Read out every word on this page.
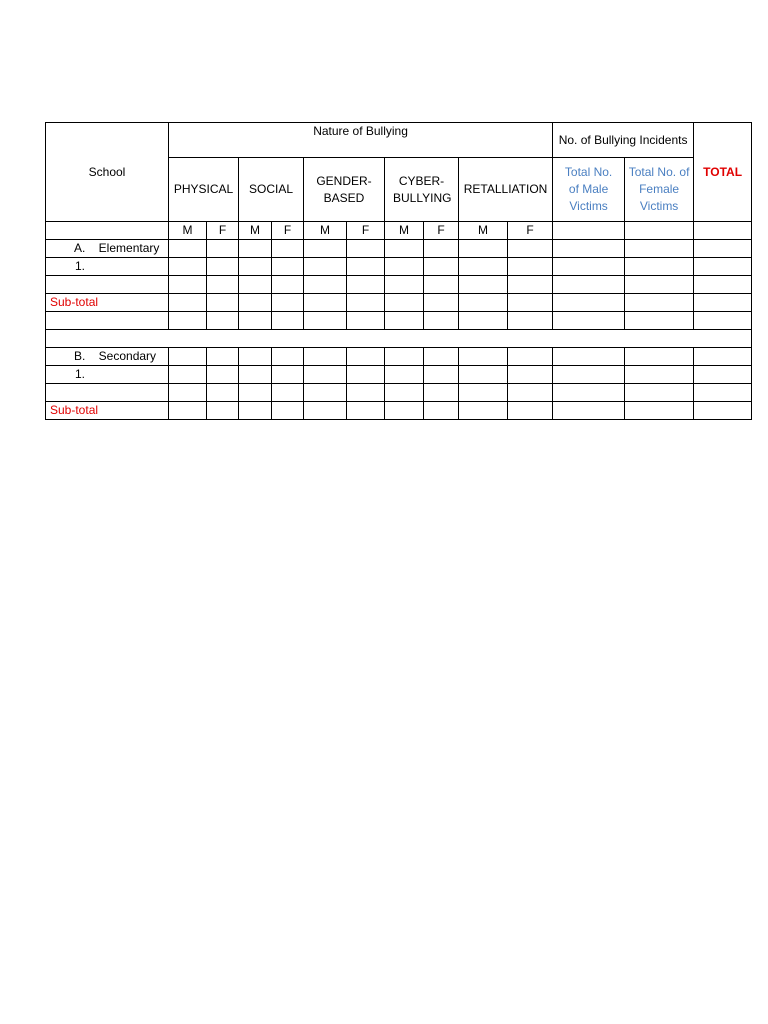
School	Nature of Bullying										No. of Bullying Incidents		TOTAL
	PHYSICAL		SOCIAL		GENDER-BASED		CYBER-BULLYING		RETALLIATION		Total No. of Male Victims	Total No. of Female Victims	
	M	F	M	F	M	F	M	F	M	F			
A.    Elementary													
1.													

Sub-total													

B.    Secondary													
1.													

Sub-total													
